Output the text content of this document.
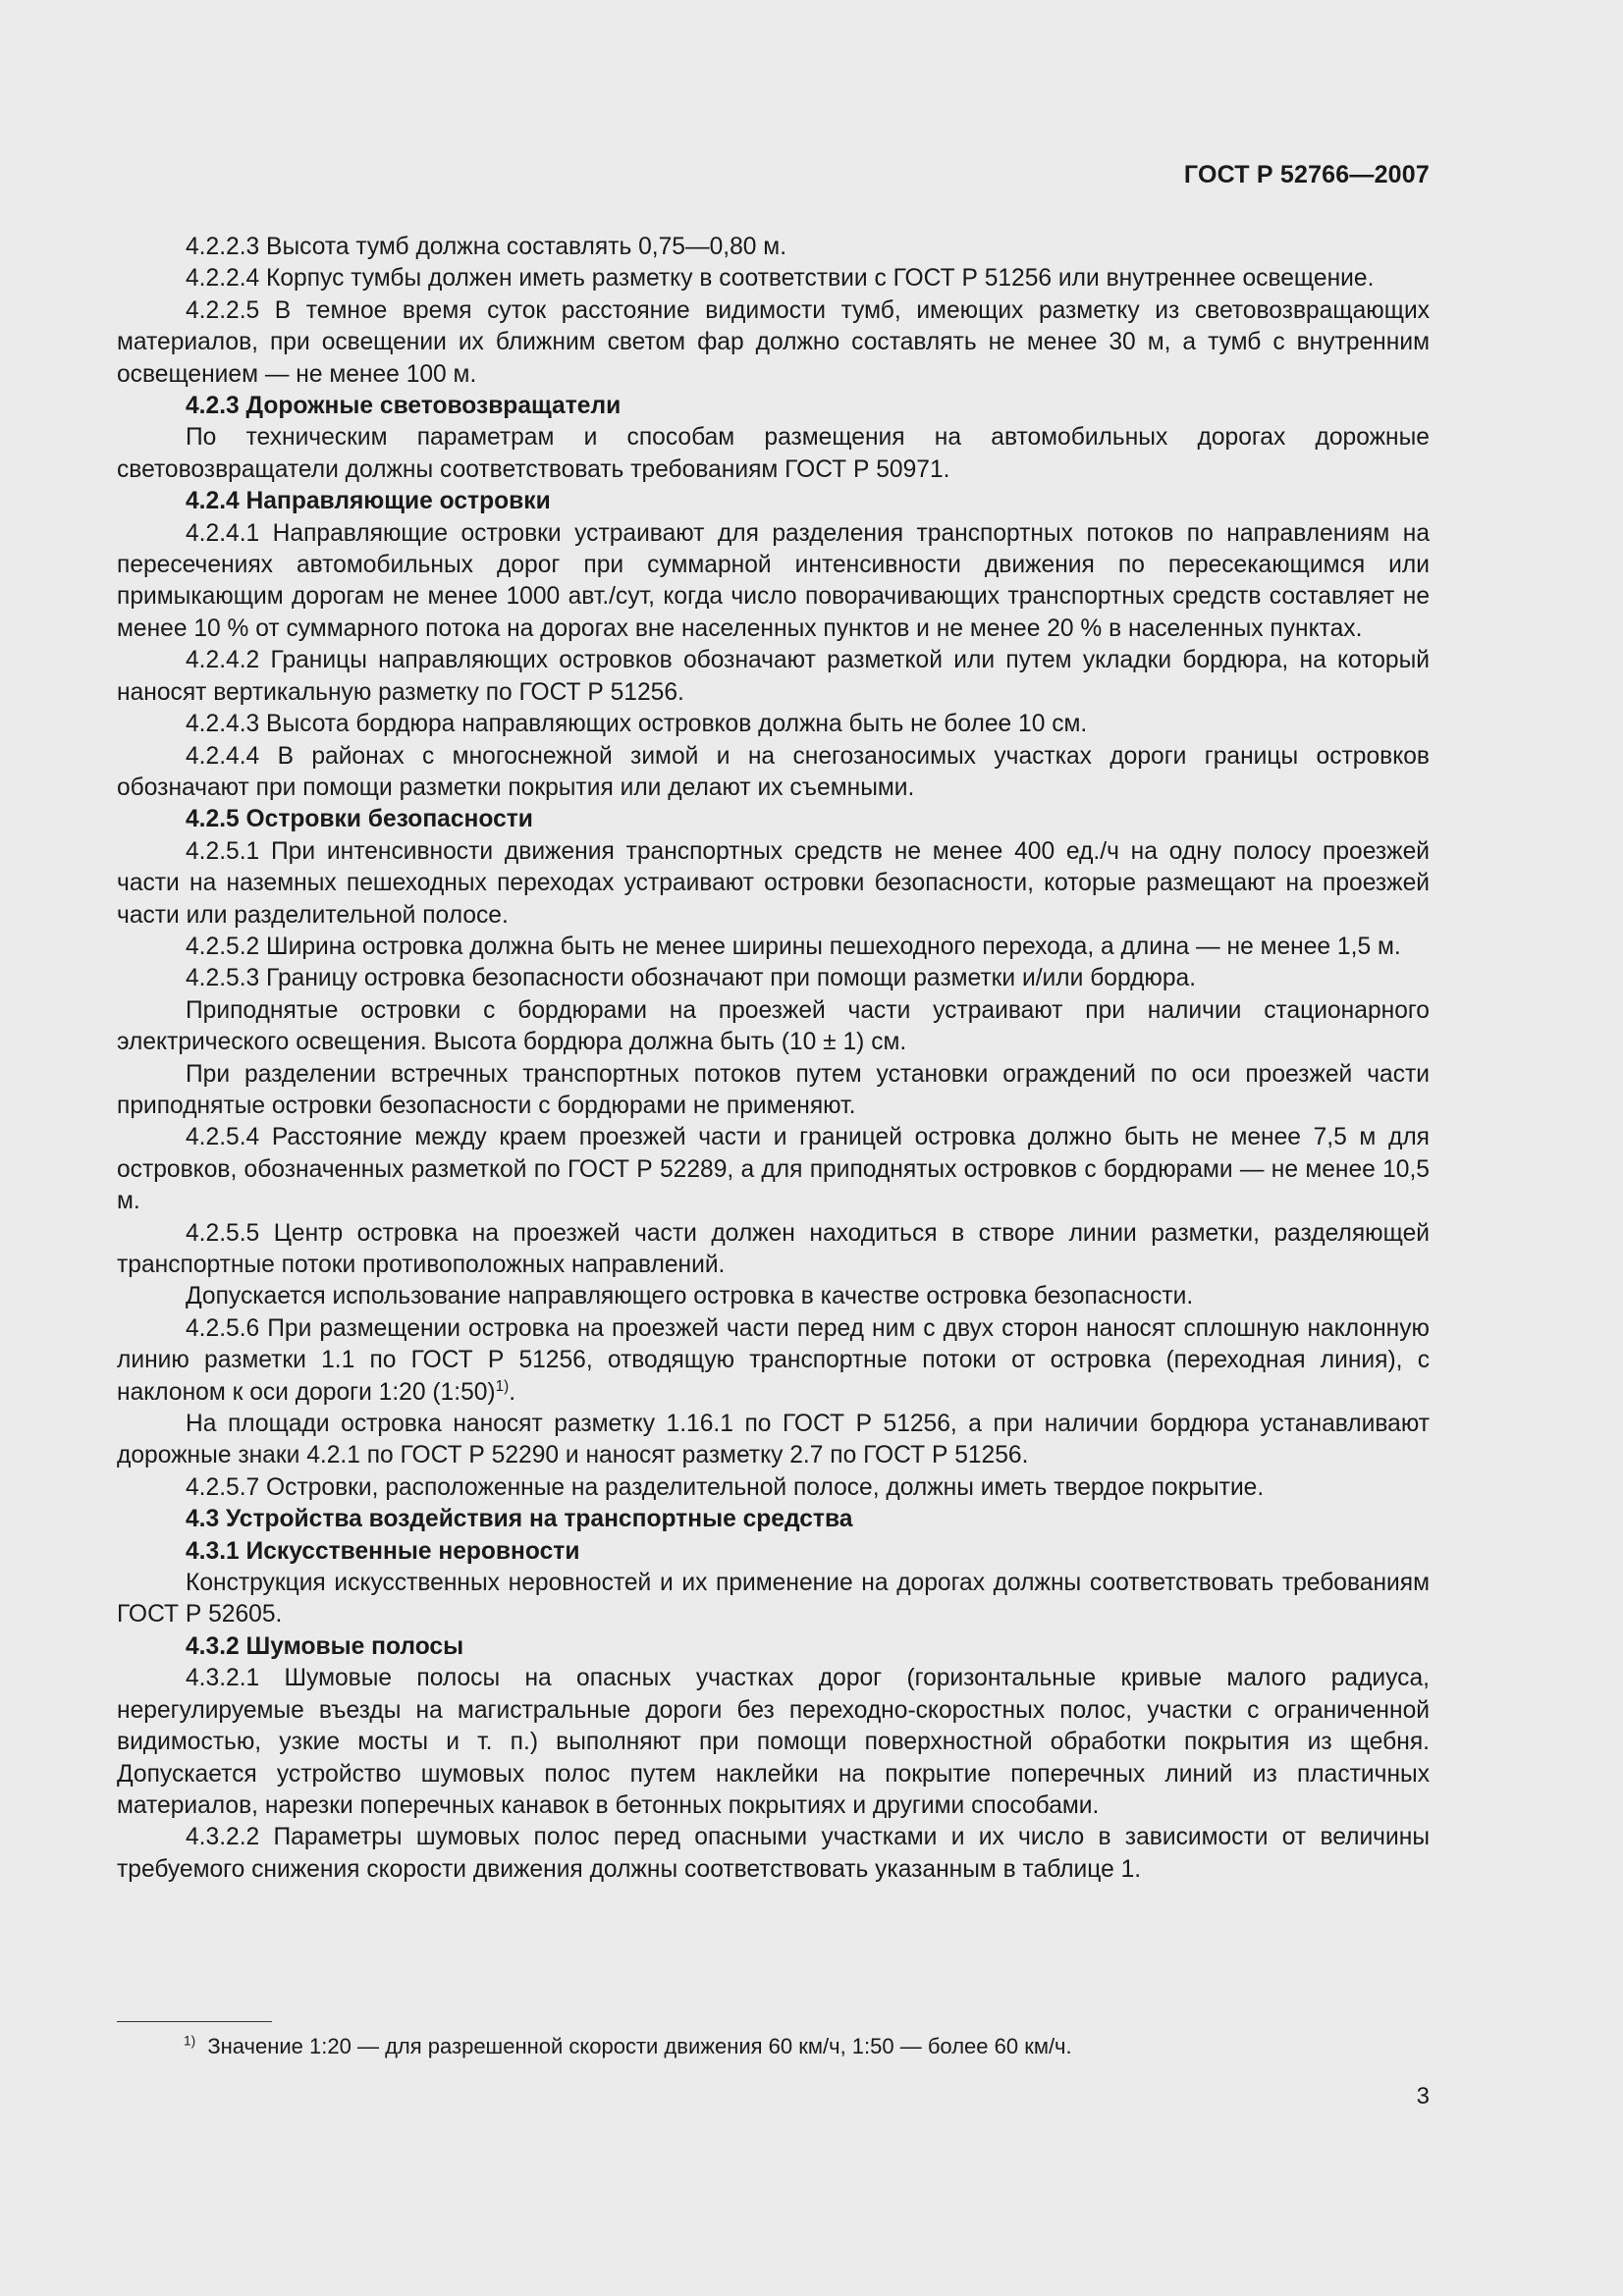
ГОСТ Р 52766—2007

4.2.2.3 Высота тумб должна составлять 0,75—0,80 м.

4.2.2.4 Корпус тумбы должен иметь разметку в соответствии с ГОСТ Р 51256 или внутреннее освещение.

4.2.2.5 В темное время суток расстояние видимости тумб, имеющих разметку из световозвращающих материалов, при освещении их ближним светом фар должно составлять не менее 30 м, а тумб с внутренним освещением — не менее 100 м.

4.2.3 Дорожные световозвращатели

По техническим параметрам и способам размещения на автомобильных дорогах дорожные световозвращатели должны соответствовать требованиям ГОСТ Р 50971.

4.2.4 Направляющие островки

4.2.4.1 Направляющие островки устраивают для разделения транспортных потоков по направлениям на пересечениях автомобильных дорог при суммарной интенсивности движения по пересекающимся или примыкающим дорогам не менее 1000 авт./сут, когда число поворачивающих транспортных средств составляет не менее 10 % от суммарного потока на дорогах вне населенных пунктов и не менее 20 % в населенных пунктах.

4.2.4.2 Границы направляющих островков обозначают разметкой или путем укладки бордюра, на который наносят вертикальную разметку по ГОСТ Р 51256.

4.2.4.3 Высота бордюра направляющих островков должна быть не более 10 см.

4.2.4.4 В районах с многоснежной зимой и на снегозаносимых участках дороги границы островков обозначают при помощи разметки покрытия или делают их съемными.

4.2.5 Островки безопасности

4.2.5.1 При интенсивности движения транспортных средств не менее 400 ед./ч на одну полосу проезжей части на наземных пешеходных переходах устраивают островки безопасности, которые размещают на проезжей части или разделительной полосе.

4.2.5.2 Ширина островка должна быть не менее ширины пешеходного перехода, а длина — не менее 1,5 м.

4.2.5.3 Границу островка безопасности обозначают при помощи разметки и/или бордюра.

Приподнятые островки с бордюрами на проезжей части устраивают при наличии стационарного электрического освещения. Высота бордюра должна быть (10 ± 1) см.

При разделении встречных транспортных потоков путем установки ограждений по оси проезжей части приподнятые островки безопасности с бордюрами не применяют.

4.2.5.4 Расстояние между краем проезжей части и границей островка должно быть не менее 7,5 м для островков, обозначенных разметкой по ГОСТ Р 52289, а для приподнятых островков с бордюрами — не менее 10,5 м.

4.2.5.5 Центр островка на проезжей части должен находиться в створе линии разметки, разделяющей транспортные потоки противоположных направлений.

Допускается использование направляющего островка в качестве островка безопасности.

4.2.5.6 При размещении островка на проезжей части перед ним с двух сторон наносят сплошную наклонную линию разметки 1.1 по ГОСТ Р 51256, отводящую транспортные потоки от островка (переходная линия), с наклоном к оси дороги 1:20 (1:50)$^{1)}$.

На площади островка наносят разметку 1.16.1 по ГОСТ Р 51256, а при наличии бордюра устанавливают дорожные знаки 4.2.1 по ГОСТ Р 52290 и наносят разметку 2.7 по ГОСТ Р 51256.

4.2.5.7 Островки, расположенные на разделительной полосе, должны иметь твердое покрытие.

4.3 Устройства воздействия на транспортные средства

4.3.1 Искусственные неровности

Конструкция искусственных неровностей и их применение на дорогах должны соответствовать требованиям ГОСТ Р 52605.

4.3.2 Шумовые полосы

4.3.2.1 Шумовые полосы на опасных участках дорог (горизонтальные кривые малого радиуса, нерегулируемые въезды на магистральные дороги без переходно-скоростных полос, участки с ограниченной видимостью, узкие мосты и т. п.) выполняют при помощи поверхностной обработки покрытия из щебня. Допускается устройство шумовых полос путем наклейки на покрытие поперечных линий из пластичных материалов, нарезки поперечных канавок в бетонных покрытиях и другими способами.

4.3.2.2 Параметры шумовых полос перед опасными участками и их число в зависимости от величины требуемого снижения скорости движения должны соответствовать указанным в таблице 1.

$^{1)}$ Значение 1:20 — для разрешенной скорости движения 60 км/ч, 1:50 — более 60 км/ч.
3
